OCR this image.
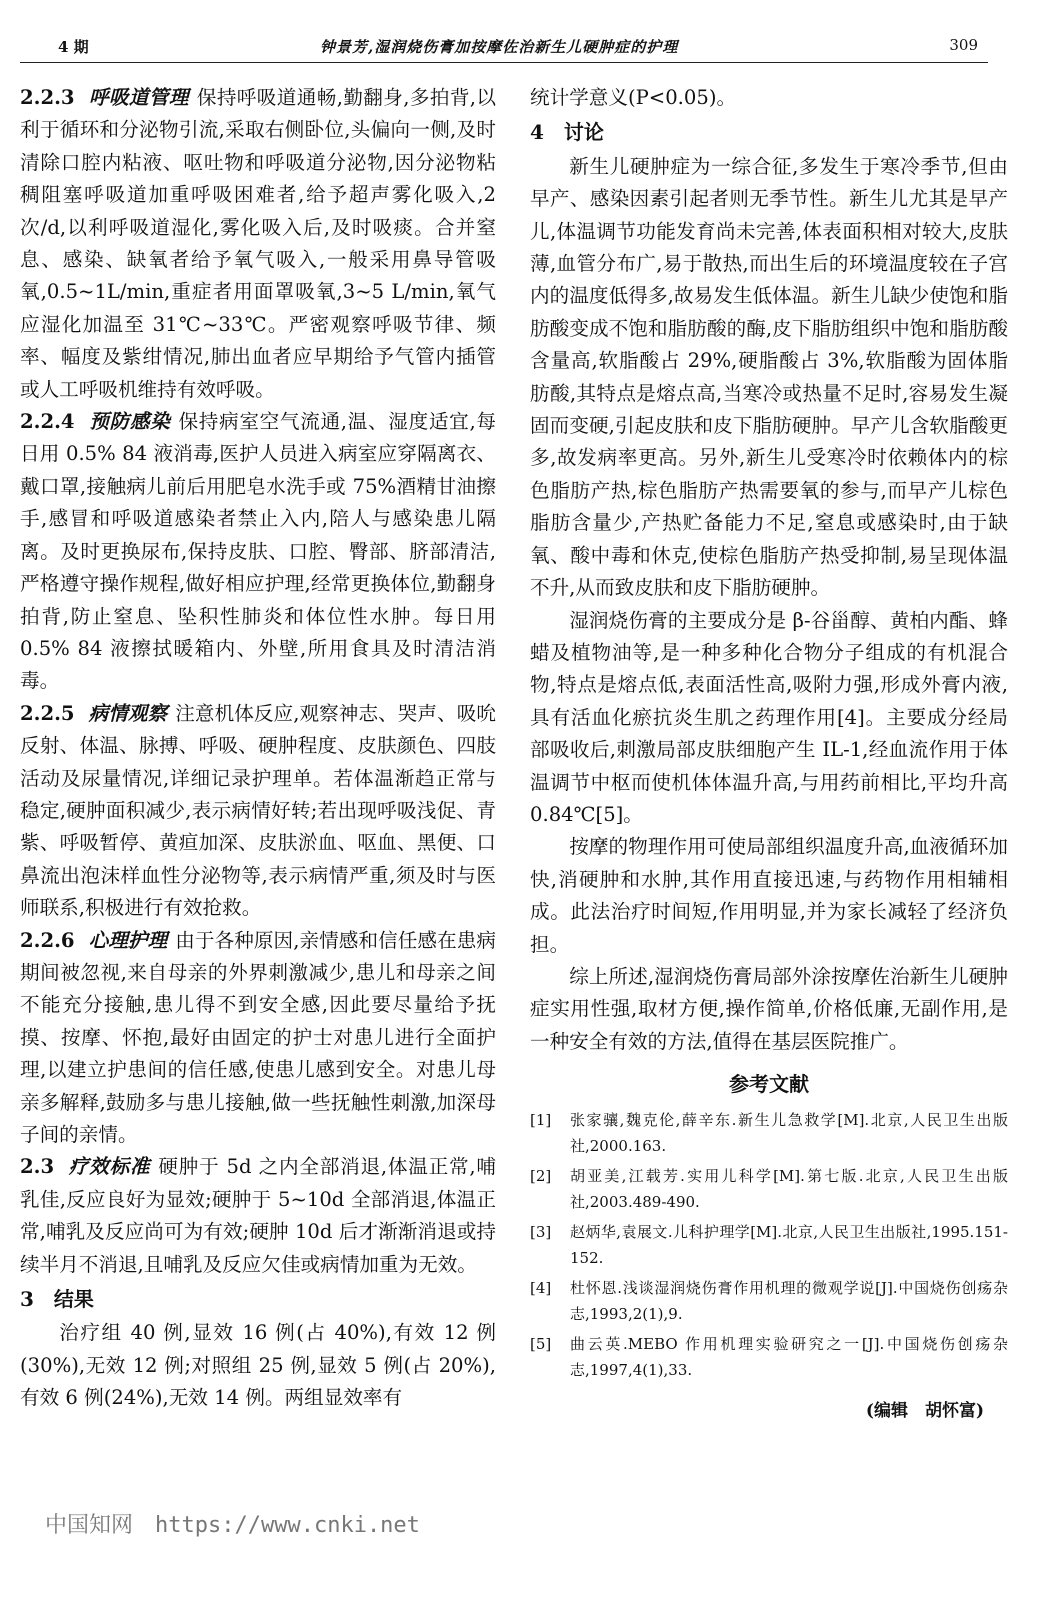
4 期	钟景芳,湿润烧伤膏加按摩佐治新生儿硬肿症的护理	309

2.2.3 呼吸道管理 保持呼吸道通畅,勤翻身,多拍背,以利于循环和分泌物引流,采取右侧卧位,头偏向一侧,及时清除口腔内粘液、呕吐物和呼吸道分泌物,因分泌物粘稠阻塞呼吸道加重呼吸困难者,给予超声雾化吸入,2 次/d,以利呼吸道湿化,雾化吸入后,及时吸痰。合并窒息、感染、缺氧者给予氧气吸入,一般采用鼻导管吸氧,0.5~1L/min,重症者用面罩吸氧,3~5 L/min,氧气应湿化加温至 31℃~33℃。严密观察呼吸节律、频率、幅度及紫绀情况,肺出血者应早期给予气管内插管或人工呼吸机维持有效呼吸。

2.2.4 预防感染 保持病室空气流通,温、湿度适宜,每日用 0.5% 84 液消毒,医护人员进入病室应穿隔离衣、戴口罩,接触病儿前后用肥皂水洗手或 75%酒精甘油擦手,感冒和呼吸道感染者禁止入内,陪人与感染患儿隔离。及时更换尿布,保持皮肤、口腔、臀部、脐部清洁,严格遵守操作规程,做好相应护理,经常更换体位,勤翻身拍背,防止窒息、坠积性肺炎和体位性水肿。每日用 0.5% 84 液擦拭暖箱内、外壁,所用食具及时清洁消毒。

2.2.5 病情观察 注意机体反应,观察神志、哭声、吸吮反射、体温、脉搏、呼吸、硬肿程度、皮肤颜色、四肢活动及尿量情况,详细记录护理单。若体温渐趋正常与稳定,硬肿面积减少,表示病情好转;若出现呼吸浅促、青紫、呼吸暂停、黄疸加深、皮肤淤血、呕血、黑便、口鼻流出泡沫样血性分泌物等,表示病情严重,须及时与医师联系,积极进行有效抢救。

2.2.6 心理护理 由于各种原因,亲情感和信任感在患病期间被忽视,来自母亲的外界刺激减少,患儿和母亲之间不能充分接触,患儿得不到安全感,因此要尽量给予抚摸、按摩、怀抱,最好由固定的护士对患儿进行全面护理,以建立护患间的信任感,使患儿感到安全。对患儿母亲多解释,鼓励多与患儿接触,做一些抚触性刺激,加深母子间的亲情。

2.3 疗效标准 硬肿于 5d 之内全部消退,体温正常,哺乳佳,反应良好为显效;硬肿于 5~10d 全部消退,体温正常,哺乳及反应尚可为有效;硬肿 10d 后才渐渐消退或持续半月不消退,且哺乳及反应欠佳或病情加重为无效。

3 结果

治疗组 40 例,显效 16 例(占 40%),有效 12 例(30%),无效 12 例;对照组 25 例,显效 5 例(占 20%),有效 6 例(24%),无效 14 例。两组显效率有

统计学意义(P<0.05)。

4 讨论

新生儿硬肿症为一综合征,多发生于寒冷季节,但由早产、感染因素引起者则无季节性。新生儿尤其是早产儿,体温调节功能发育尚未完善,体表面积相对较大,皮肤薄,血管分布广,易于散热,而出生后的环境温度较在子宫内的温度低得多,故易发生低体温。新生儿缺少使饱和脂肪酸变成不饱和脂肪酸的酶,皮下脂肪组织中饱和脂肪酸含量高,软脂酸占 29%,硬脂酸占 3%,软脂酸为固体脂肪酸,其特点是熔点高,当寒冷或热量不足时,容易发生凝固而变硬,引起皮肤和皮下脂肪硬肿。早产儿含软脂酸更多,故发病率更高。另外,新生儿受寒冷时依赖体内的棕色脂肪产热,棕色脂肪产热需要氧的参与,而早产儿棕色脂肪含量少,产热贮备能力不足,窒息或感染时,由于缺氧、酸中毒和休克,使棕色脂肪产热受抑制,易呈现体温不升,从而致皮肤和皮下脂肪硬肿。

湿润烧伤膏的主要成分是 β-谷甾醇、黄柏内酯、蜂蜡及植物油等,是一种多种化合物分子组成的有机混合物,特点是熔点低,表面活性高,吸附力强,形成外膏内液,具有活血化瘀抗炎生肌之药理作用[4]。主要成分经局部吸收后,刺激局部皮肤细胞产生 IL-1,经血流作用于体温调节中枢而使机体体温升高,与用药前相比,平均升高 0.84℃[5]。

按摩的物理作用可使局部组织温度升高,血液循环加快,消硬肿和水肿,其作用直接迅速,与药物作用相辅相成。此法治疗时间短,作用明显,并为家长减轻了经济负担。

综上所述,湿润烧伤膏局部外涂按摩佐治新生儿硬肿症实用性强,取材方便,操作简单,价格低廉,无副作用,是一种安全有效的方法,值得在基层医院推广。

参考文献
[1]	张家骧,魏克伦,薛辛东.新生儿急救学[M].北京,人民卫生出版社,2000.163.
[2]	胡亚美,江载芳.实用儿科学[M].第七版.北京,人民卫生出版社,2003.489-490.
[3]	赵炳华,袁展文.儿科护理学[M].北京,人民卫生出版社,1995.151-152.
[4]	杜怀恩.浅谈湿润烧伤膏作用机理的微观学说[J].中国烧伤创疡杂志,1993,2(1),9.
[5]	曲云英.MEBO 作用机理实验研究之一[J].中国烧伤创疡杂志,1997,4(1),33.
(编辑　胡怀富)
中国知网 https://www.cnki.net
